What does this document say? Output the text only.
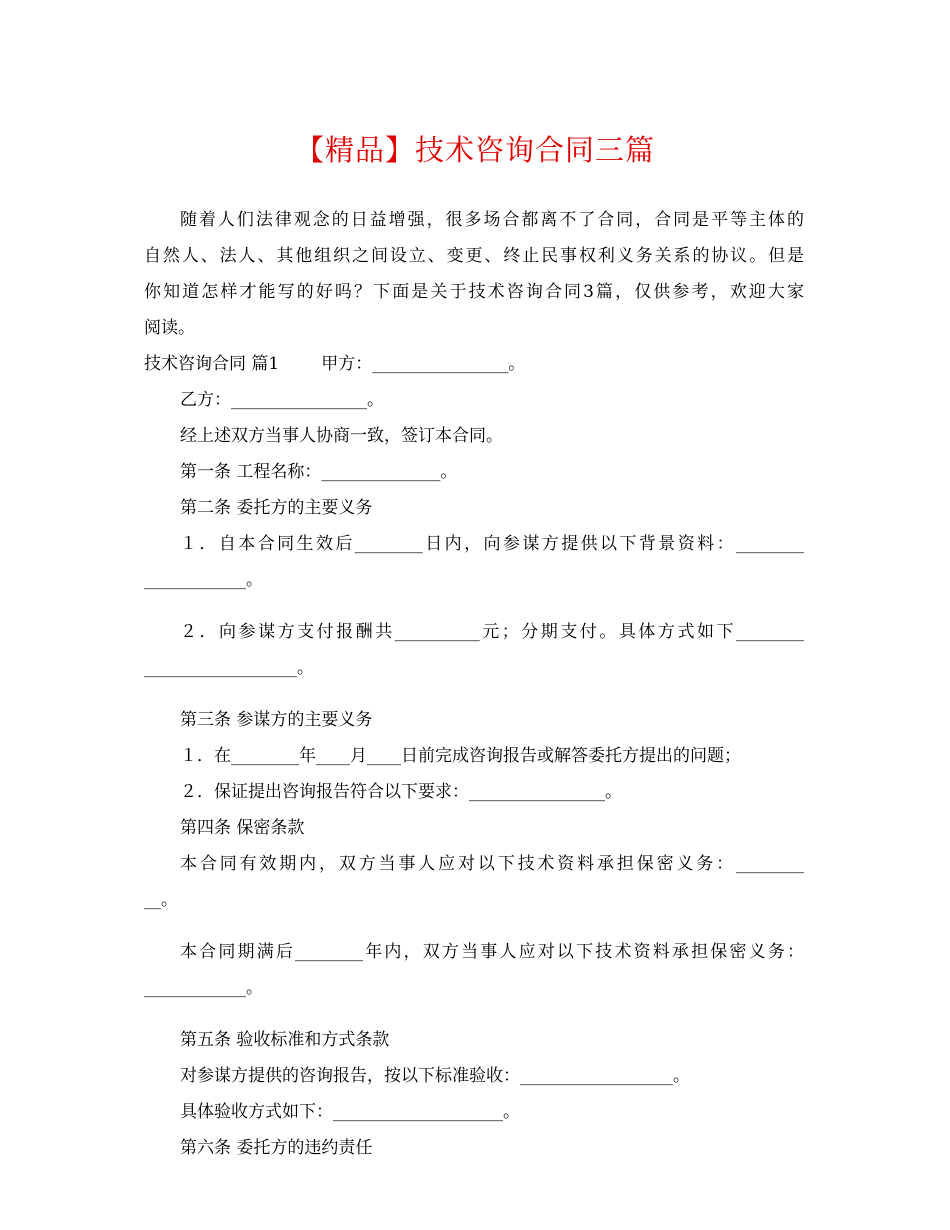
【精品】技术咨询合同三篇
随着人们法律观念的日益增强，很多场合都离不了合同，合同是平等主体的
自然人、法人、其他组织之间设立、变更、终止民事权利义务关系的协议。但是
你知道怎样才能写的好吗？下面是关于技术咨询合同3篇，仅供参考，欢迎大家
阅读。
技术咨询合同 篇1 甲方：________________。
乙方：________________。
经上述双方当事人协商一致，签订本合同。
第一条 工程名称：______________。
第二条 委托方的主要义务
１．自本合同生效后________日内，向参谋方提供以下背景资料：________
____________。
２．向参谋方支付报酬共__________元；分期支付。具体方式如下________
__________________。
第三条 参谋方的主要义务
１．在________年____月____日前完成咨询报告或解答委托方提出的问题；
２．保证提出咨询报告符合以下要求：________________。
第四条 保密条款
本合同有效期内，双方当事人应对以下技术资料承担保密义务：________
__。
本合同期满后________年内，双方当事人应对以下技术资料承担保密义务：
____________。
第五条 验收标准和方式条款
对参谋方提供的咨询报告，按以下标准验收：__________________。
具体验收方式如下：____________________。
第六条 委托方的违约责任
